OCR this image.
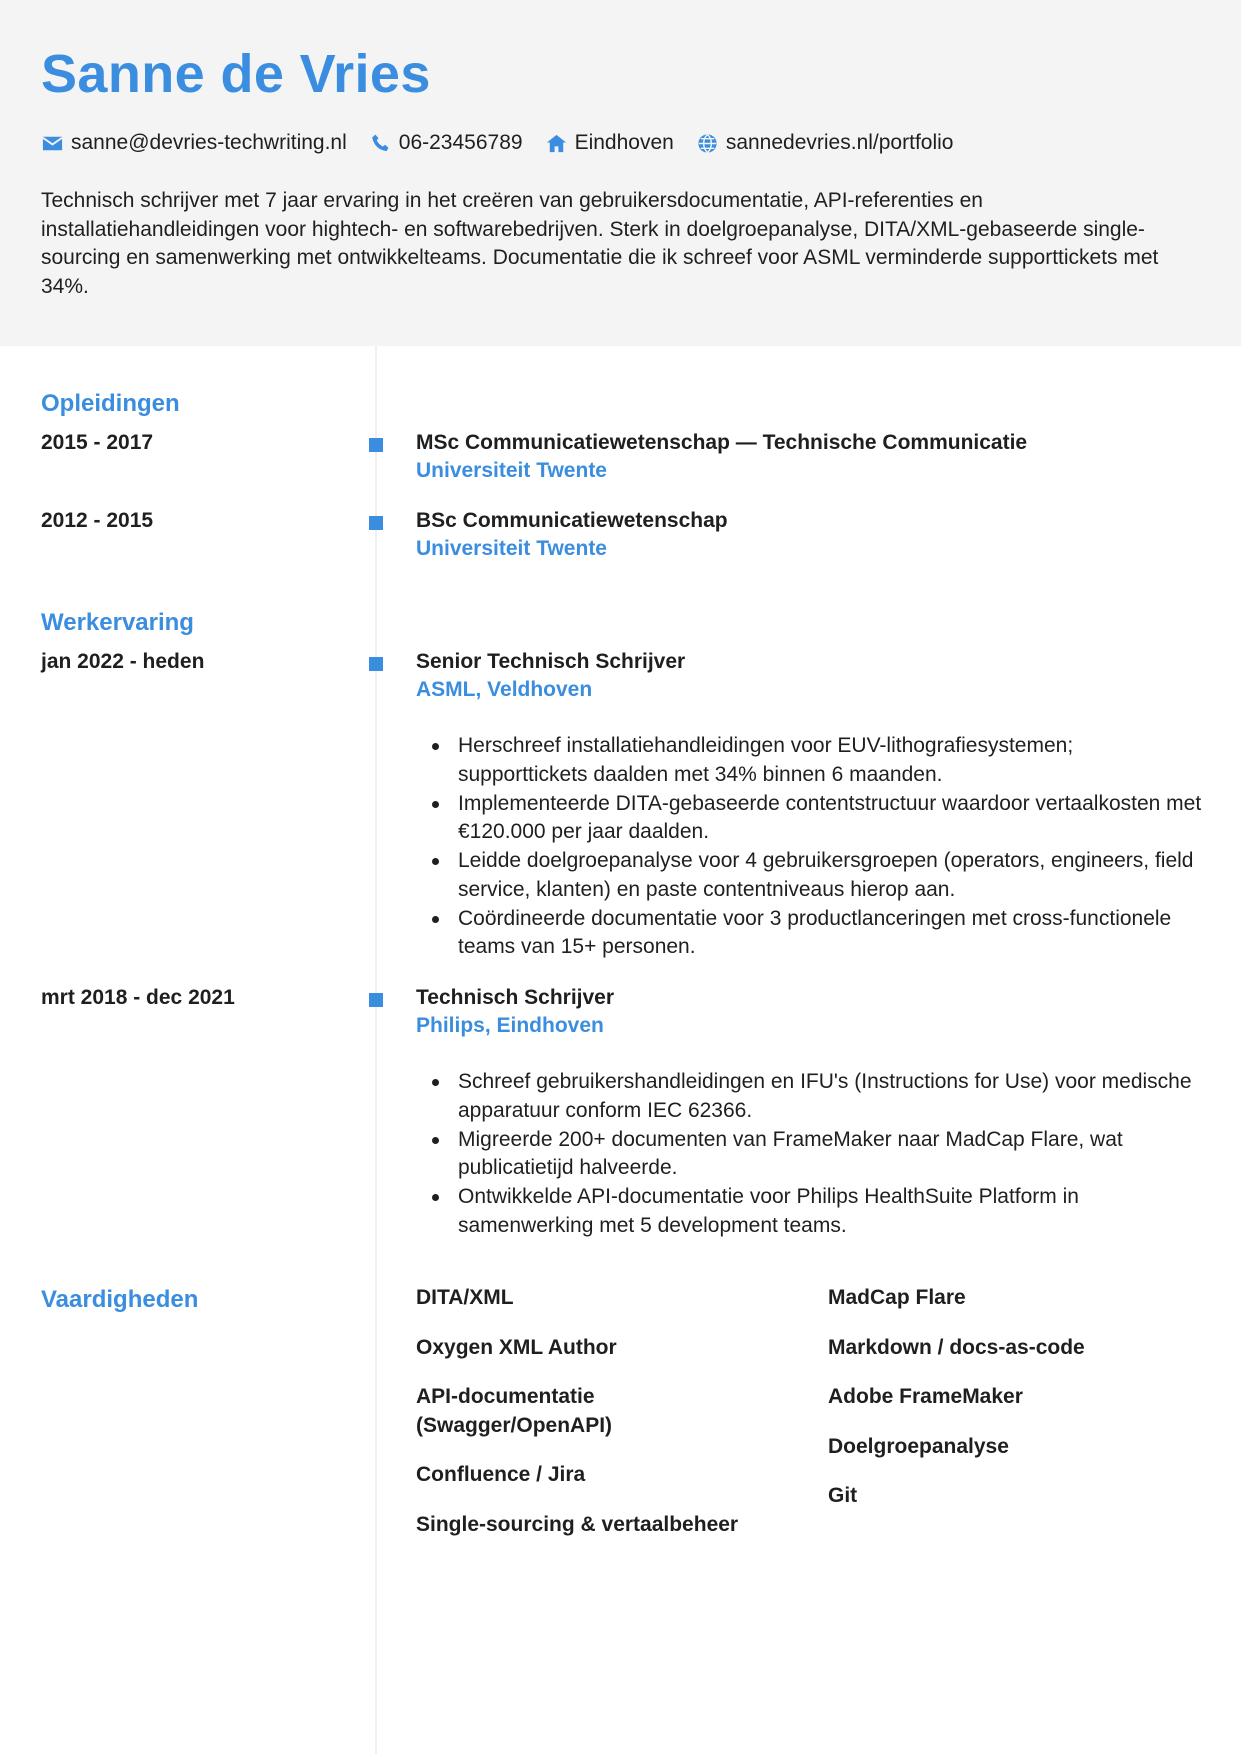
Sanne de Vries
sanne@devries-techwriting.nl 06-23456789 Eindhoven sannedevries.nl/portfolio

Technisch schrijver met 7 jaar ervaring in het creëren van gebruikersdocumentatie, API-referenties en installatiehandleidingen voor hightech- en softwarebedrijven. Sterk in doelgroepanalyse, DITA/XML-gebaseerde single-sourcing en samenwerking met ontwikkelteams. Documentatie die ik schreef voor ASML verminderde supporttickets met 34%.

Opleidingen
2015 - 2017	MSc Communicatiewetenschap — Technische Communicatie
Universiteit Twente
2012 - 2015	BSc Communicatiewetenschap
Universiteit Twente
Werkervaring
jan 2022 - heden	Senior Technisch Schrijver
ASML, Veldhoven
Herschreef installatiehandleidingen voor EUV-lithografiesystemen; supporttickets daalden met 34% binnen 6 maanden.
Implementeerde DITA-gebaseerde contentstructuur waardoor vertaalkosten met €120.000 per jaar daalden.
Leidde doelgroepanalyse voor 4 gebruikersgroepen (operators, engineers, field service, klanten) en paste contentniveaus hierop aan.
Coördineerde documentatie voor 3 productlanceringen met cross-functionele teams van 15+ personen.
mrt 2018 - dec 2021	Technisch Schrijver
Philips, Eindhoven
Schreef gebruikershandleidingen en IFU's (Instructions for Use) voor medische apparatuur conform IEC 62366.
Migreerde 200+ documenten van FrameMaker naar MadCap Flare, wat publicatietijd halveerde.
Ontwikkelde API-documentatie voor Philips HealthSuite Platform in samenwerking met 5 development teams.
Vaardigheden	DITA/XML
Oxygen XML Author
API-documentatie (Swagger/OpenAPI)
Confluence / Jira
Single-sourcing & vertaalbeheer
MadCap Flare
Markdown / docs-as-code
Adobe FrameMaker
Doelgroepanalyse
Git
